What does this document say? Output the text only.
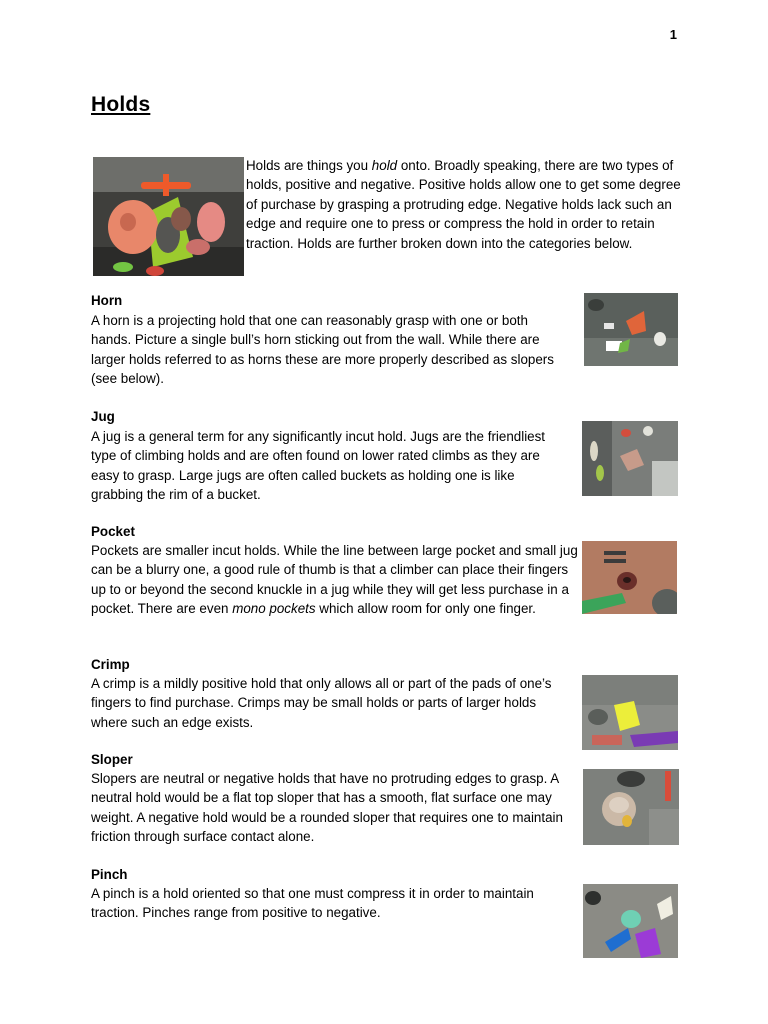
1
Holds

Holds are things you hold onto. Broadly speaking, there are two types of holds, positive and negative. Positive holds allow one to get some degree of purchase by grasping a protruding edge. Negative holds lack such an edge and require one to press or compress the hold in order to retain traction. Holds are further broken down into the categories below.

Horn

A horn is a projecting hold that one can reasonably grasp with one or both hands. Picture a single bull’s horn sticking out from the wall. While there are larger holds referred to as horns these are more properly described as slopers (see below).

Jug

A jug is a general term for any significantly incut hold. Jugs are the friendliest type of climbing holds and are often found on lower rated climbs as they are easy to grasp. Large jugs are often called buckets as holding one is like grabbing the rim of a bucket.

Pocket

Pockets are smaller incut holds. While the line between large pocket and small jug can be a blurry one, a good rule of thumb is that a climber can place their fingers up to or beyond the second knuckle in a jug while they will get less purchase in a pocket. There are even mono pockets which allow room for only one finger.

Crimp

A crimp is a mildly positive hold that only allows all or part of the pads of one’s fingers to find purchase. Crimps may be small holds or parts of larger holds where such an edge exists.

Sloper

Slopers are neutral or negative holds that have no protruding edges to grasp. A neutral hold would be a flat top sloper that has a smooth, flat surface one may weight. A negative hold would be a rounded sloper that requires one to maintain friction through surface contact alone.

Pinch

A pinch is a hold oriented so that one must compress it in order to maintain traction. Pinches range from positive to negative.
